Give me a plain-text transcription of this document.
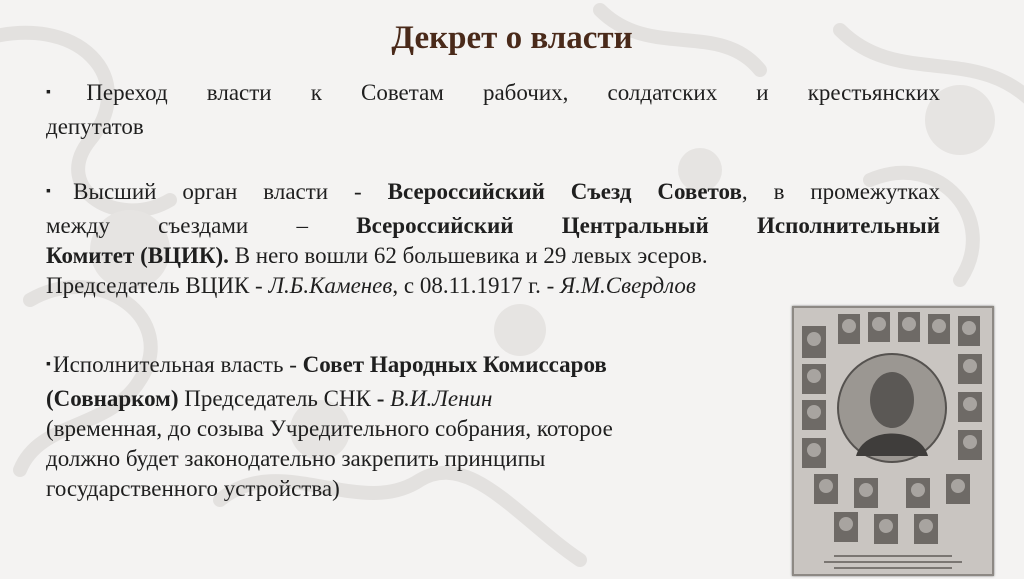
Декрет о власти
▪Переход власти к Советам рабочих, солдатских и крестьянских
депутатов
▪Высший орган власти - Всероссийский Съезд Советов, в промежутках
между съездами – Всероссийский Центральный Исполнительный
Комитет (ВЦИК). В него вошли 62 большевика и 29 левых эсеров.
Председатель ВЦИК - Л.Б.Каменев, с 08.11.1917 г. - Я.М.Свердлов
▪Исполнительная власть - Совет Народных Комиссаров
(Совнарком) Председатель СНК - В.И.Ленин
(временная, до созыва Учредительного собрания, которое
должно будет законодательно закрепить принципы
государственного устройства)
